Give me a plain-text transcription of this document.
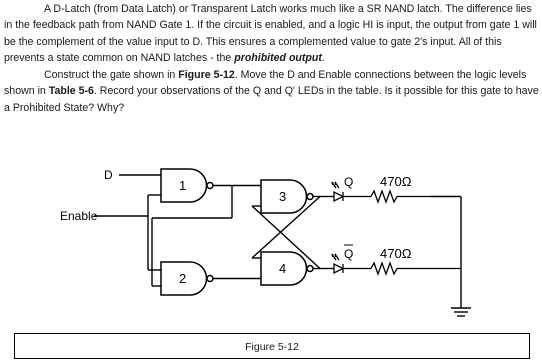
A D-Latch (from Data Latch) or Transparent Latch works much like a SR NAND latch. The difference lies in the feedback path from NAND Gate 1. If the circuit is enabled, and a logic HI is input, the output from gate 1 will be the complement of the value input to D. This ensures a complemented value to gate 2's input. All of this prevents a state common on NAND latches - the prohibited output.

Construct the gate shown in Figure 5-12. Move the D and Enable connections between the logic levels shown in Table 5-6. Record your observations of the Q and Q' LEDs in the table. Is it possible for this gate to have a Prohibited State? Why?

D
Enable
1
3
2
4
Q 470Ω
Q 470Ω
Figure 5-12
